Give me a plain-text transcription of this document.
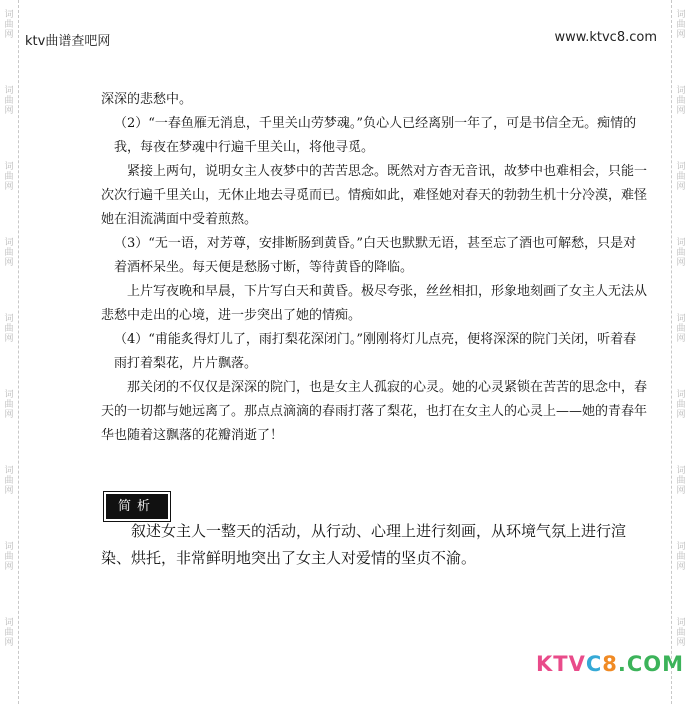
词
曲
网
词
曲
网
词
曲
网
词
曲
网
词
曲
网
词
曲
网
词
曲
网
词
曲
网
词
曲
网
词
曲
网
词
曲
网
词
曲
网
词
曲
网
词
曲
网
词
曲
网
词
曲
网
词
曲
网
词
曲
网
ktv曲谱查吧网	www.ktvc8.com

深深的悲愁中。

（2）“一春鱼雁无消息，千里关山劳梦魂。”负心人已经离别一年了，可是书信全无。痴情的我，每夜在梦魂中行遍千里关山，将他寻觅。

紧接上两句，说明女主人夜梦中的苦苦思念。既然对方杳无音讯，故梦中也难相会，只能一次次行遍千里关山，无休止地去寻觅而已。情痴如此，难怪她对春天的勃勃生机十分冷漠，难怪她在泪流满面中受着煎熬。

（3）“无一语，对芳尊，安排断肠到黄昏。”白天也默默无语，甚至忘了酒也可解愁，只是对着酒杯呆坐。每天便是愁肠寸断，等待黄昏的降临。

上片写夜晚和早晨，下片写白天和黄昏。极尽夸张，丝丝相扣，形象地刻画了女主人无法从悲愁中走出的心境，进一步突出了她的情痴。

（4）“甫能炙得灯儿了，雨打梨花深闭门。”刚刚将灯儿点亮，便将深深的院门关闭，听着春雨打着梨花，片片飘落。

那关闭的不仅仅是深深的院门，也是女主人孤寂的心灵。她的心灵紧锁在苦苦的思念中，春天的一切都与她远离了。那点点滴滴的春雨打落了梨花，也打在女主人的心灵上——她的青春年华也随着这飘落的花瓣消逝了！

简析

叙述女主人一整天的活动，从行动、心理上进行刻画，从环境气氛上进行渲染、烘托，非常鲜明地突出了女主人对爱情的坚贞不渝。

KTVC8.COM
